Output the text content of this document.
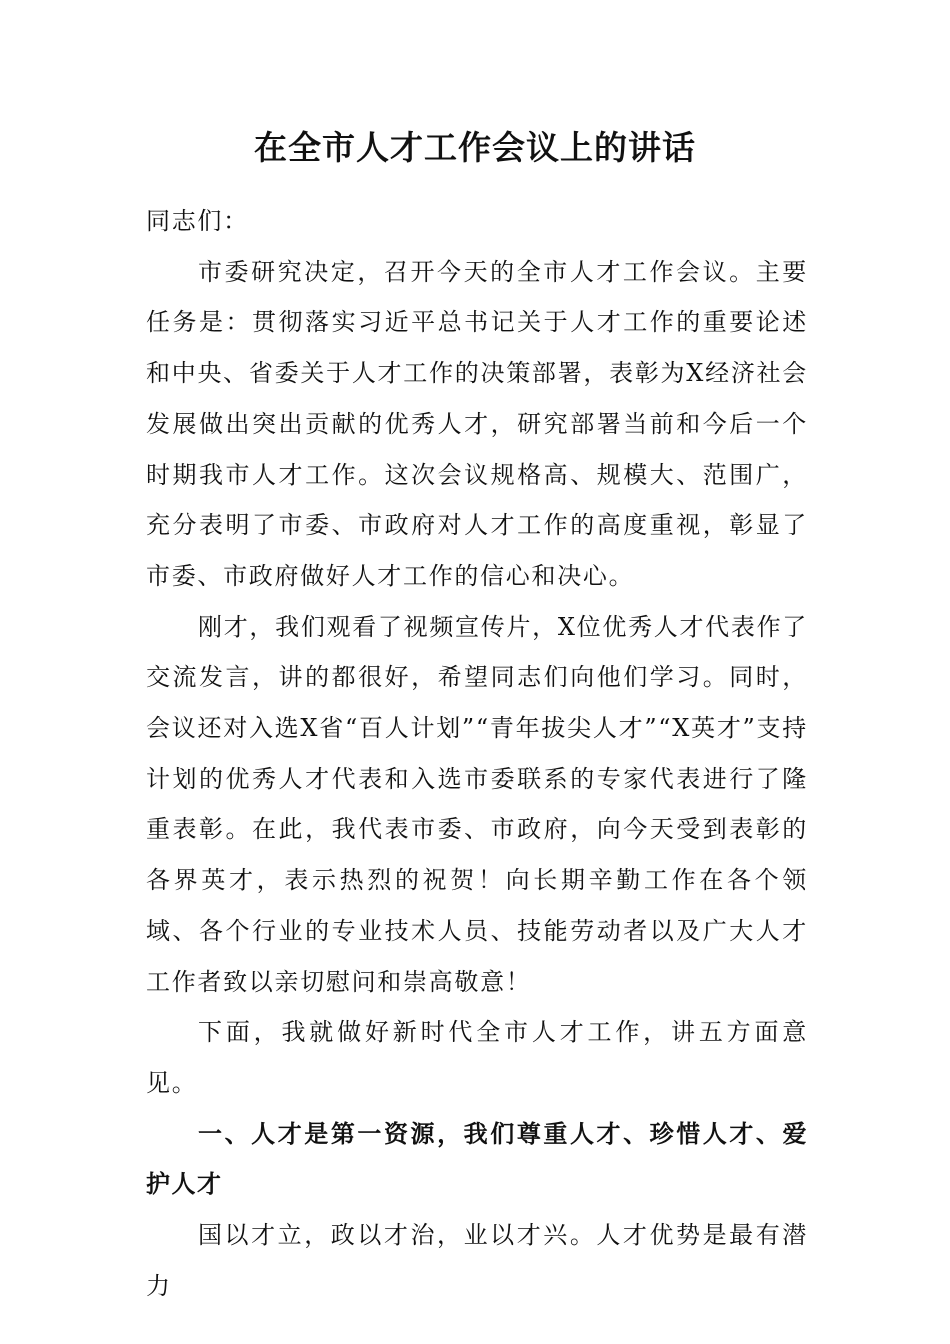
在全市人才工作会议上的讲话

同志们：

市委研究决定，召开今天的全市人才工作会议。主要任务是：贯彻落实习近平总书记关于人才工作的重要论述和中央、省委关于人才工作的决策部署，表彰为X经济社会发展做出突出贡献的优秀人才，研究部署当前和今后一个时期我市人才工作。这次会议规格高、规模大、范围广，充分表明了市委、市政府对人才工作的高度重视，彰显了市委、市政府做好人才工作的信心和决心。

刚才，我们观看了视频宣传片，X位优秀人才代表作了交流发言，讲的都很好，希望同志们向他们学习。同时，会议还对入选X省“百人计划”“青年拔尖人才”“X英才”支持计划的优秀人才代表和入选市委联系的专家代表进行了隆重表彰。在此，我代表市委、市政府，向今天受到表彰的各界英才，表示热烈的祝贺！向长期辛勤工作在各个领域、各个行业的专业技术人员、技能劳动者以及广大人才工作者致以亲切慰问和崇高敬意！

下面，我就做好新时代全市人才工作，讲五方面意见。

一、人才是第一资源，我们尊重人才、珍惜人才、爱护人才

国以才立，政以才治，业以才兴。人才优势是最有潜力
